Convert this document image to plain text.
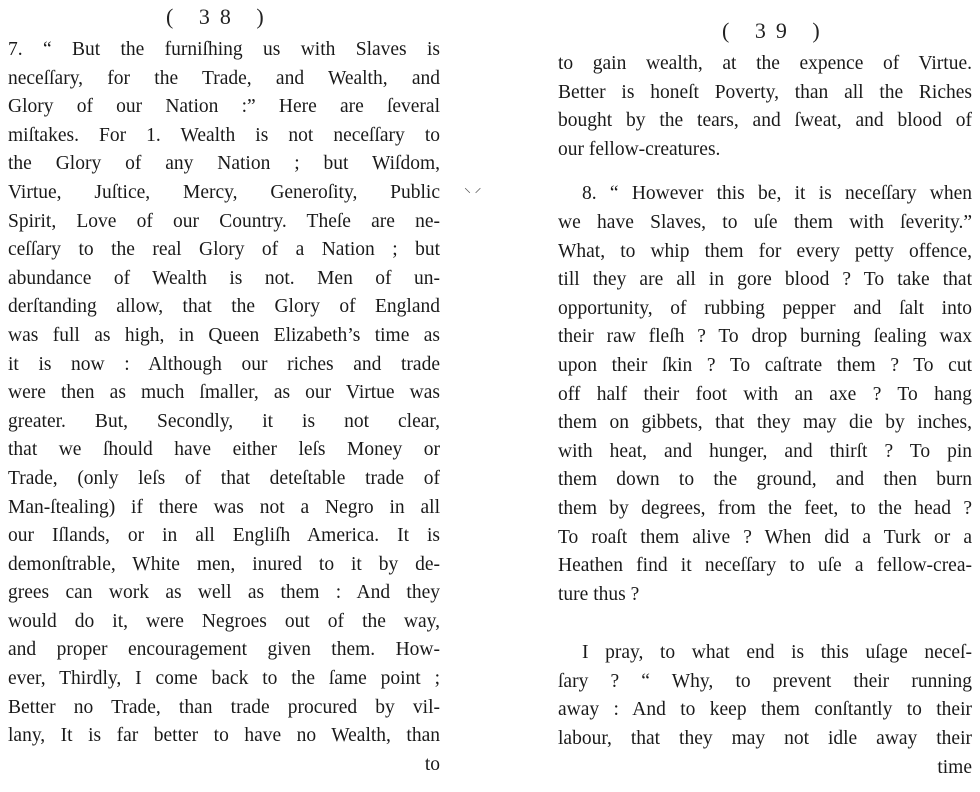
( 38 )
7. “ But the furniſhing us with Slaves is
neceſſary, for the Trade, and Wealth, and
Glory of our Nation :” Here are ſeveral
miſtakes. For 1. Wealth is not neceſſary to
the Glory of any Nation ; but Wiſdom,
Virtue, Juſtice, Mercy, Generoſity, Public
Spirit, Love of our Country. Theſe are ne-
ceſſary to the real Glory of a Nation ; but
abundance of Wealth is not. Men of un-
derſtanding allow, that the Glory of England
was full as high, in Queen Elizabeth’s time as
it is now : Although our riches and trade
were then as much ſmaller, as our Virtue was
greater. But, Secondly, it is not clear,
that we ſhould have either leſs Money or
Trade, (only leſs of that deteſtable trade of
Man-ſtealing) if there was not a Negro in all
our Iſlands, or in all Engliſh America. It is
demonſtrable, White men, inured to it by de-
grees can work as well as them : And they
would do it, were Negroes out of the way,
and proper encouragement given them. How-
ever, Thirdly, I come back to the ſame point ;
Better no Trade, than trade procured by vil-
lany, It is far better to have no Wealth, than
to
⸜ ⸝
( 39 )
to gain wealth, at the expence of Virtue.
Better is honeſt Poverty, than all the Riches
bought by the tears, and ſweat, and blood of
our fellow-creatures.
8. “ However this be, it is neceſſary when
we have Slaves, to uſe them with ſeverity.”
What, to whip them for every petty offence,
till they are all in gore blood ? To take that
opportunity, of rubbing pepper and ſalt into
their raw fleſh ? To drop burning ſealing wax
upon their ſkin ? To caſtrate them ? To cut
off half their foot with an axe ? To hang
them on gibbets, that they may die by inches,
with heat, and hunger, and thirſt ? To pin
them down to the ground, and then burn
them by degrees, from the feet, to the head ?
To roaſt them alive ? When did a Turk or a
Heathen find it neceſſary to uſe a fellow-crea-
ture thus ?
I pray, to what end is this uſage neceſ-
ſary ? “ Why, to prevent their running
away : And to keep them conſtantly to their
labour, that they may not idle away their
time
